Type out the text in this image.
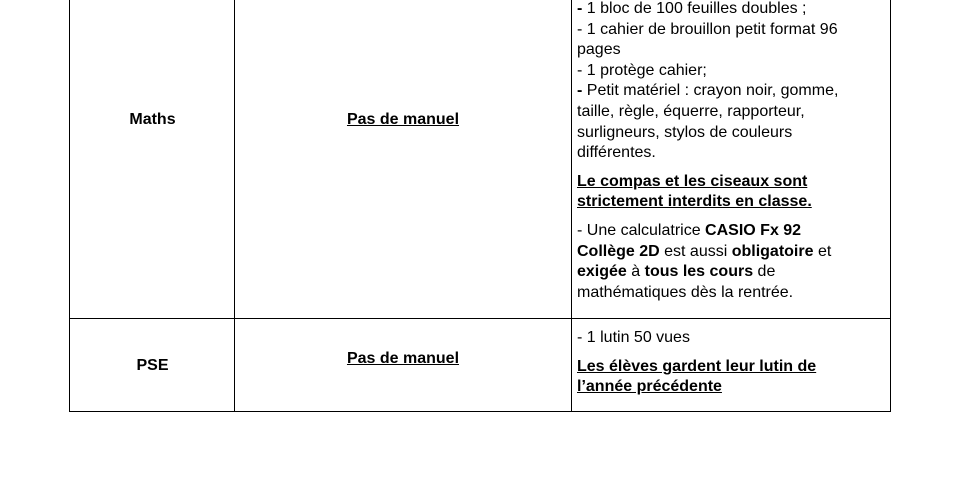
Maths	Pas de manuel

- 1 bloc de 100 feuilles doubles ;

- 1 cahier de brouillon petit format 96

pages

- 1 protège cahier;

- Petit matériel : crayon noir, gomme,

taille, règle, équerre, rapporteur,

surligneurs, stylos de couleurs

différentes.

Le compas et les ciseaux sont

strictement interdits en classe.

- Une calculatrice CASIO Fx 92

Collège 2D est aussi obligatoire et

exigée à tous les cours de

mathématiques dès la rentrée.

PSE	Pas de manuel

- 1 lutin 50 vues

Les élèves gardent leur lutin de

l’année précédente
